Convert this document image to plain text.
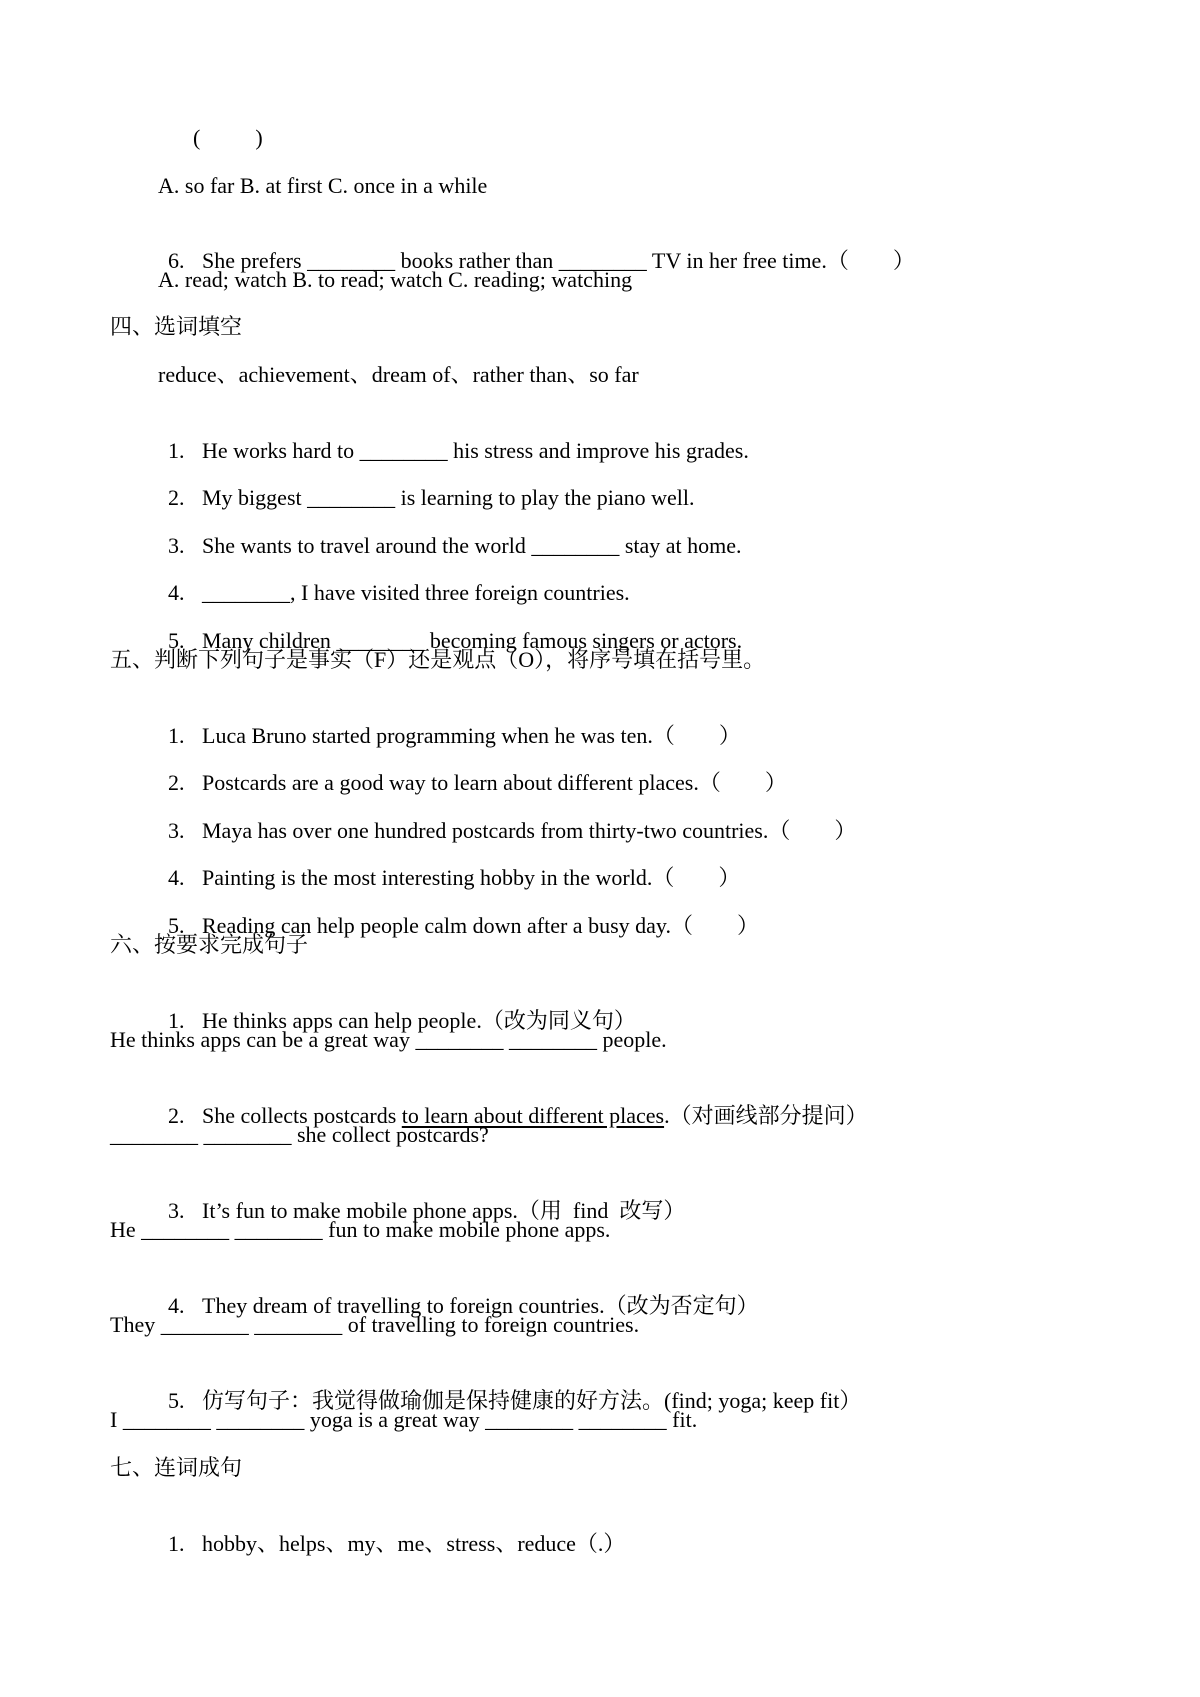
(          )
A. so far B. at first C. once in a while

6. She prefers ________ books rather than ________ TV in her free time.（        ）

A. read; watch B. to read; watch C. reading; watching
四、选词填空
reduce、achievement、dream of、rather than、so far

1. He works hard to ________ his stress and improve his grades.

2. My biggest ________ is learning to play the piano well.

3. She wants to travel around the world ________ stay at home.

4. ________, I have visited three foreign countries.

5. Many children ________ becoming famous singers or actors.

五、判断下列句子是事实（F）还是观点（O），将序号填在括号里。

1. Luca Bruno started programming when he was ten.（        ）

2. Postcards are a good way to learn about different places.（        ）

3. Maya has over one hundred postcards from thirty-two countries.（        ）

4. Painting is the most interesting hobby in the world.（        ）

5. Reading can help people calm down after a busy day.（        ）

六、按要求完成句子

1. He thinks apps can help people.（改为同义句）

He thinks apps can be a great way ________ ________ people.

2. She collects postcards to learn about different places.（对画线部分提问）

________ ________ she collect postcards?

3. It’s fun to make mobile phone apps.（用  find  改写）

He ________ ________ fun to make mobile phone apps.

4. They dream of travelling to foreign countries.（改为否定句）

They ________ ________ of travelling to foreign countries.

5. 仿写句子：我觉得做瑜伽是保持健康的好方法。(find; yoga; keep fit）

I ________ ________ yoga is a great way ________ ________ fit.
七、连词成句

1. hobby、helps、my、me、stress、reduce（.）
